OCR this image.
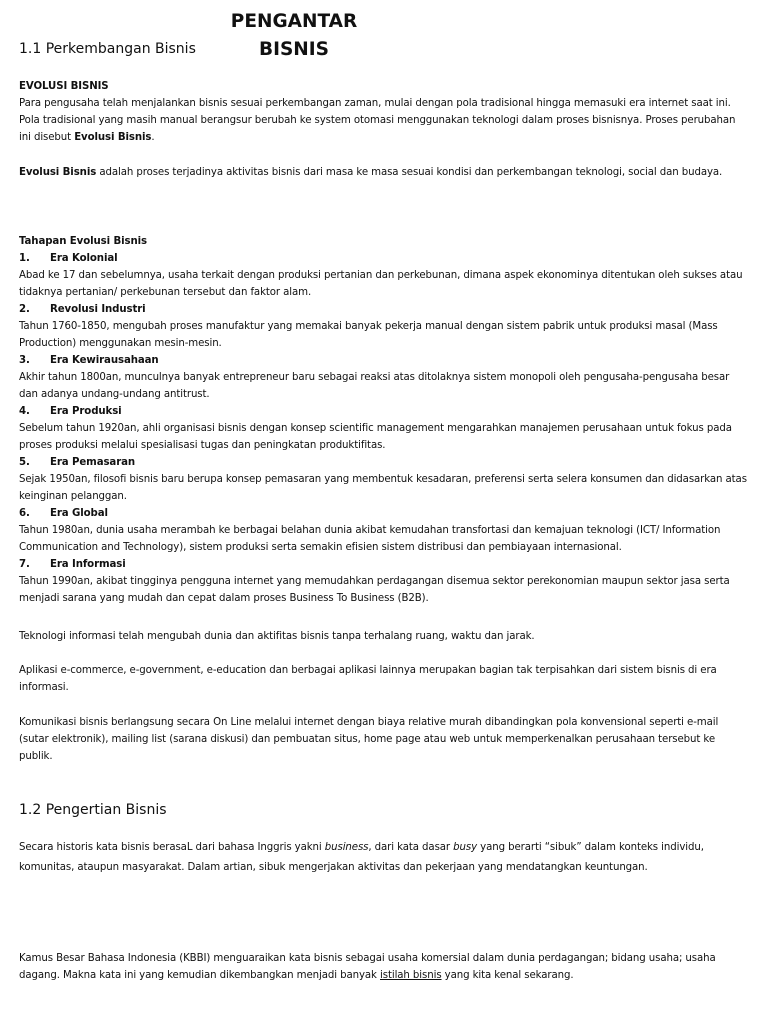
PENGANTAR
BISNIS
1.1 Perkembangan Bisnis

EVOLUSI BISNIS

Para pengusaha telah menjalankan bisnis sesuai perkembangan zaman, mulai dengan pola tradisional hingga memasuki era internet saat ini. Pola tradisional yang masih manual berangsur berubah ke system otomasi menggunakan teknologi dalam proses bisnisnya. Proses perubahan ini disebut Evolusi Bisnis.

Evolusi Bisnis adalah proses terjadinya aktivitas bisnis dari masa ke masa sesuai kondisi dan perkembangan teknologi, social dan budaya.

Tahapan Evolusi Bisnis

1. Era Kolonial

Abad ke 17 dan sebelumnya, usaha terkait dengan produksi pertanian dan perkebunan, dimana aspek ekonominya ditentukan oleh sukses atau tidaknya pertanian/ perkebunan tersebut dan faktor alam.

2. Revolusi Industri

Tahun 1760-1850, mengubah proses manufaktur yang memakai banyak pekerja manual dengan sistem pabrik untuk produksi masal (Mass Production) menggunakan mesin-mesin.

3. Era Kewirausahaan

Akhir tahun 1800an, munculnya banyak entrepreneur baru sebagai reaksi atas ditolaknya sistem monopoli oleh pengusaha-pengusaha besar dan adanya undang-undang antitrust.

4. Era Produksi

Sebelum tahun 1920an, ahli organisasi bisnis dengan konsep scientific management mengarahkan manajemen perusahaan untuk fokus pada proses produksi melalui spesialisasi tugas dan peningkatan produktifitas.

5. Era Pemasaran

Sejak 1950an, filosofi bisnis baru berupa konsep pemasaran yang membentuk kesadaran, preferensi serta selera konsumen dan didasarkan atas keinginan pelanggan.

6. Era Global

Tahun 1980an, dunia usaha merambah ke berbagai belahan dunia akibat kemudahan transfortasi dan kemajuan teknologi (ICT/ Information Communication and Technology), sistem produksi serta semakin efisien sistem distribusi dan pembiayaan internasional.

7. Era Informasi

Tahun 1990an, akibat tingginya pengguna internet yang memudahkan perdagangan disemua sektor perekonomian maupun sektor jasa serta menjadi sarana yang mudah dan cepat dalam proses Business To Business (B2B).

Teknologi informasi telah mengubah dunia dan aktifitas bisnis tanpa terhalang ruang, waktu dan jarak.
Aplikasi e-commerce, e-government, e-education dan berbagai aplikasi lainnya merupakan bagian tak terpisahkan dari sistem bisnis di era informasi.
Komunikasi bisnis berlangsung secara On Line melalui internet dengan biaya relative murah dibandingkan pola konvensional seperti e-mail (sutar elektronik), mailing list (sarana diskusi) dan pembuatan situs, home page atau web untuk memperkenalkan perusahaan tersebut ke publik.
1.2 Pengertian Bisnis

Secara historis kata bisnis berasaL dari bahasa Inggris yakni business, dari kata dasar busy yang berarti “sibuk” dalam konteks individu, komunitas, ataupun masyarakat. Dalam artian, sibuk mengerjakan aktivitas dan pekerjaan yang mendatangkan keuntungan.

Kamus Besar Bahasa Indonesia (KBBI) menguaraikan kata bisnis sebagai usaha komersial dalam dunia perdagangan; bidang usaha; usaha dagang. Makna kata ini yang kemudian dikembangkan menjadi banyak istilah bisnis yang kita kenal sekarang.
